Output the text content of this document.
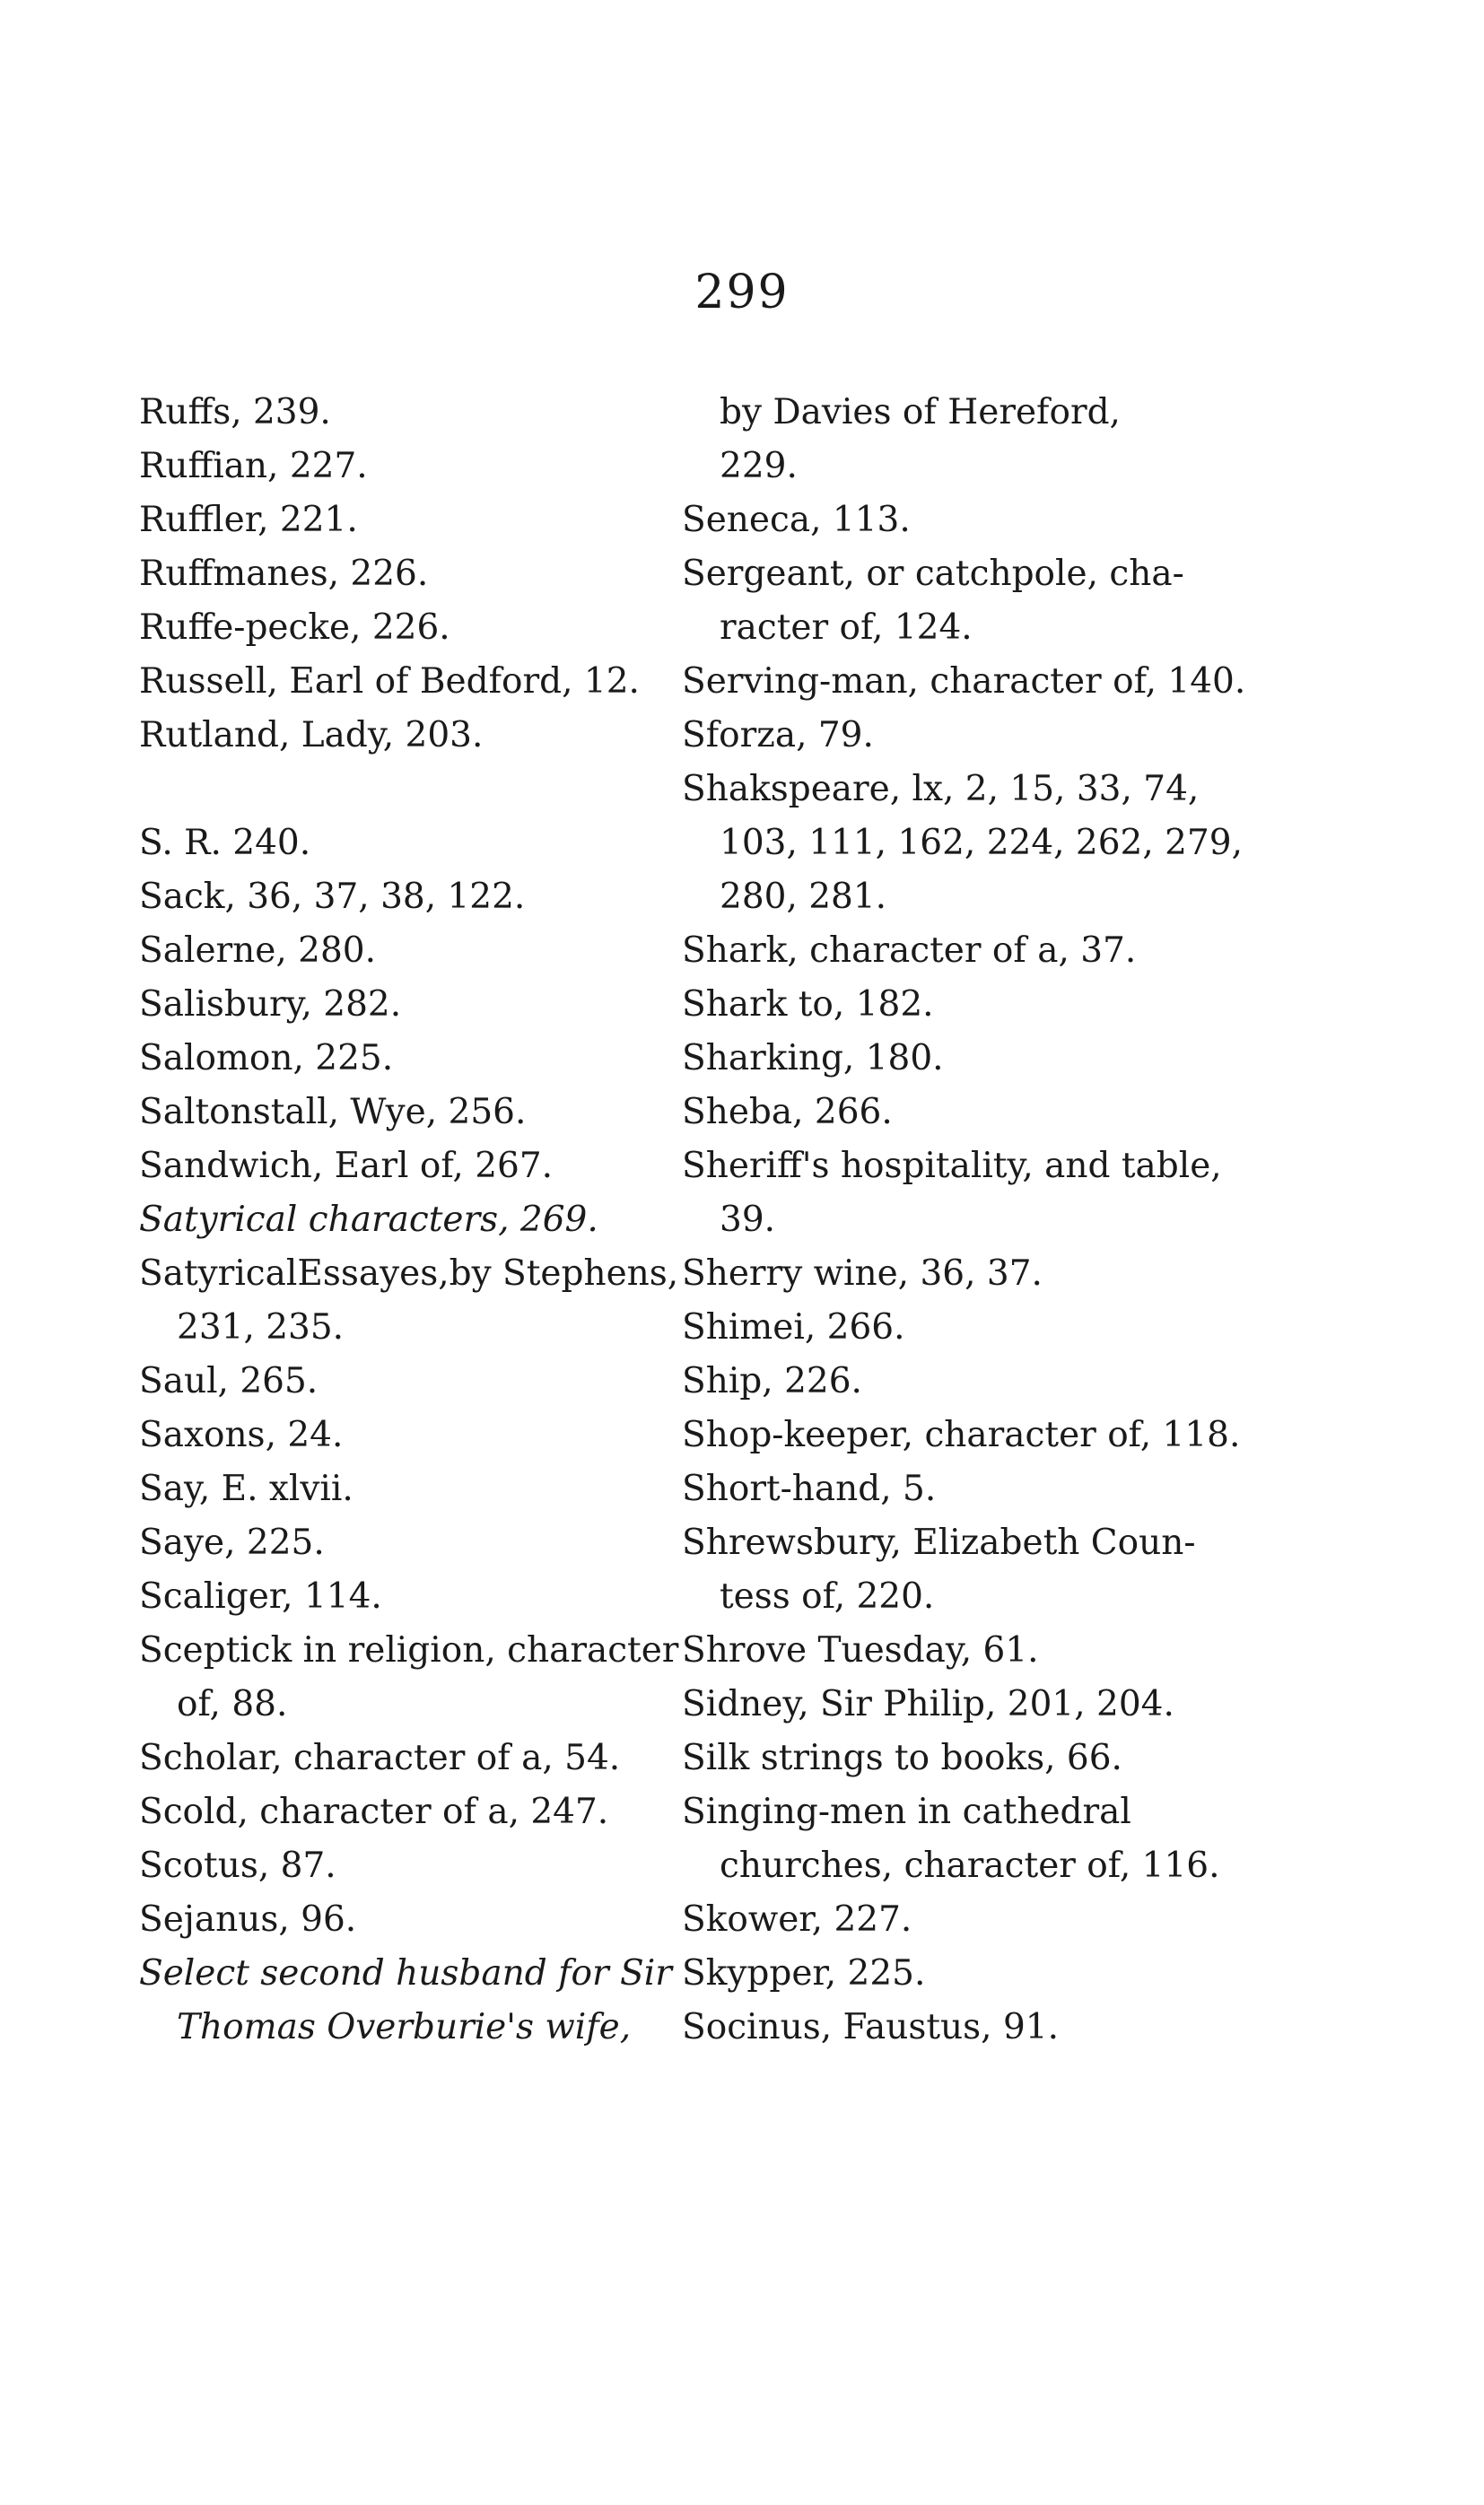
299
Ruffs, 239.
Ruffian, 227.
Ruffler, 221.
Ruffmanes, 226.
Ruffe-pecke, 226.
Russell, Earl of Bedford, 12.
Rutland, Lady, 203.
S. R. 240.
Sack, 36, 37, 38, 122.
Salerne, 280.
Salisbury, 282.
Salomon, 225.
Saltonstall, Wye, 256.
Sandwich, Earl of, 267.
Satyrical characters, 269.
SatyricalEssayes,by Stephens,
231, 235.
Saul, 265.
Saxons, 24.
Say, E. xlvii.
Saye, 225.
Scaliger, 114.
Sceptick in religion, character
of, 88.
Scholar, character of a, 54.
Scold, character of a, 247.
Scotus, 87.
Sejanus, 96.
Select second husband for Sir
Thomas Overburie's wife,
by Davies of Hereford,
229.
Seneca, 113.
Sergeant, or catchpole, cha-
racter of, 124.
Serving-man, character of, 140.
Sforza, 79.
Shakspeare, lx, 2, 15, 33, 74,
103, 111, 162, 224, 262, 279,
280, 281.
Shark, character of a, 37.
Shark to, 182.
Sharking, 180.
Sheba, 266.
Sheriff's hospitality, and table,
39.
Sherry wine, 36, 37.
Shimei, 266.
Ship, 226.
Shop-keeper, character of, 118.
Short-hand, 5.
Shrewsbury, Elizabeth Coun-
tess of, 220.
Shrove Tuesday, 61.
Sidney, Sir Philip, 201, 204.
Silk strings to books, 66.
Singing-men in cathedral
churches, character of, 116.
Skower, 227.
Skypper, 225.
Socinus, Faustus, 91.
